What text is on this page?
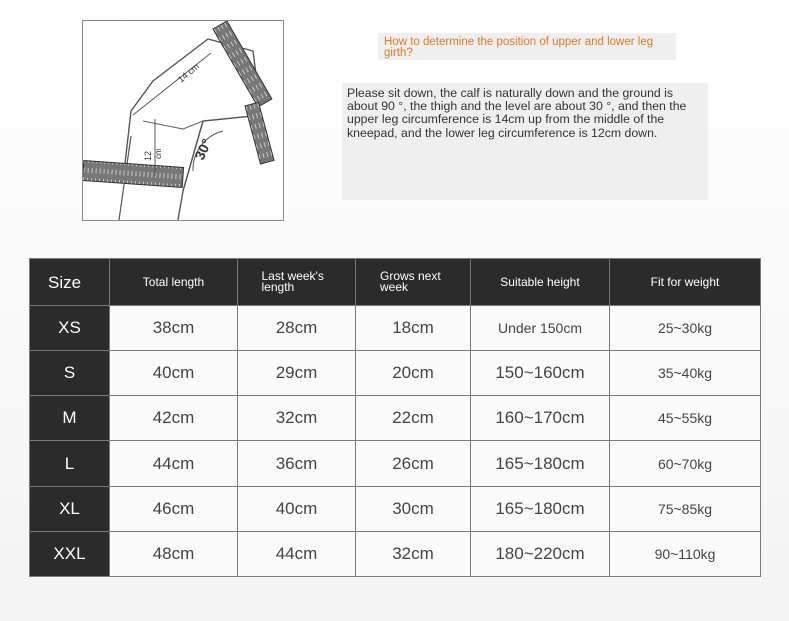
14 cm
12 cm 30°
How to determine the position of upper and lower leg girth?
Please sit down, the calf is naturally down and the ground is about 90 °, the thigh and the level are about 30 °, and then the upper leg circumference is 14cm up from the middle of the kneepad, and the lower leg circumference is 12cm down.
Size	Total length	Last week's length	Grows next week	Suitable height	Fit for weight
XS	38cm	28cm	18cm	Under 150cm	25~30kg
S	40cm	29cm	20cm	150~160cm	35~40kg
M	42cm	32cm	22cm	160~170cm	45~55kg
L	44cm	36cm	26cm	165~180cm	60~70kg
XL	46cm	40cm	30cm	165~180cm	75~85kg
XXL	48cm	44cm	32cm	180~220cm	90~110kg
